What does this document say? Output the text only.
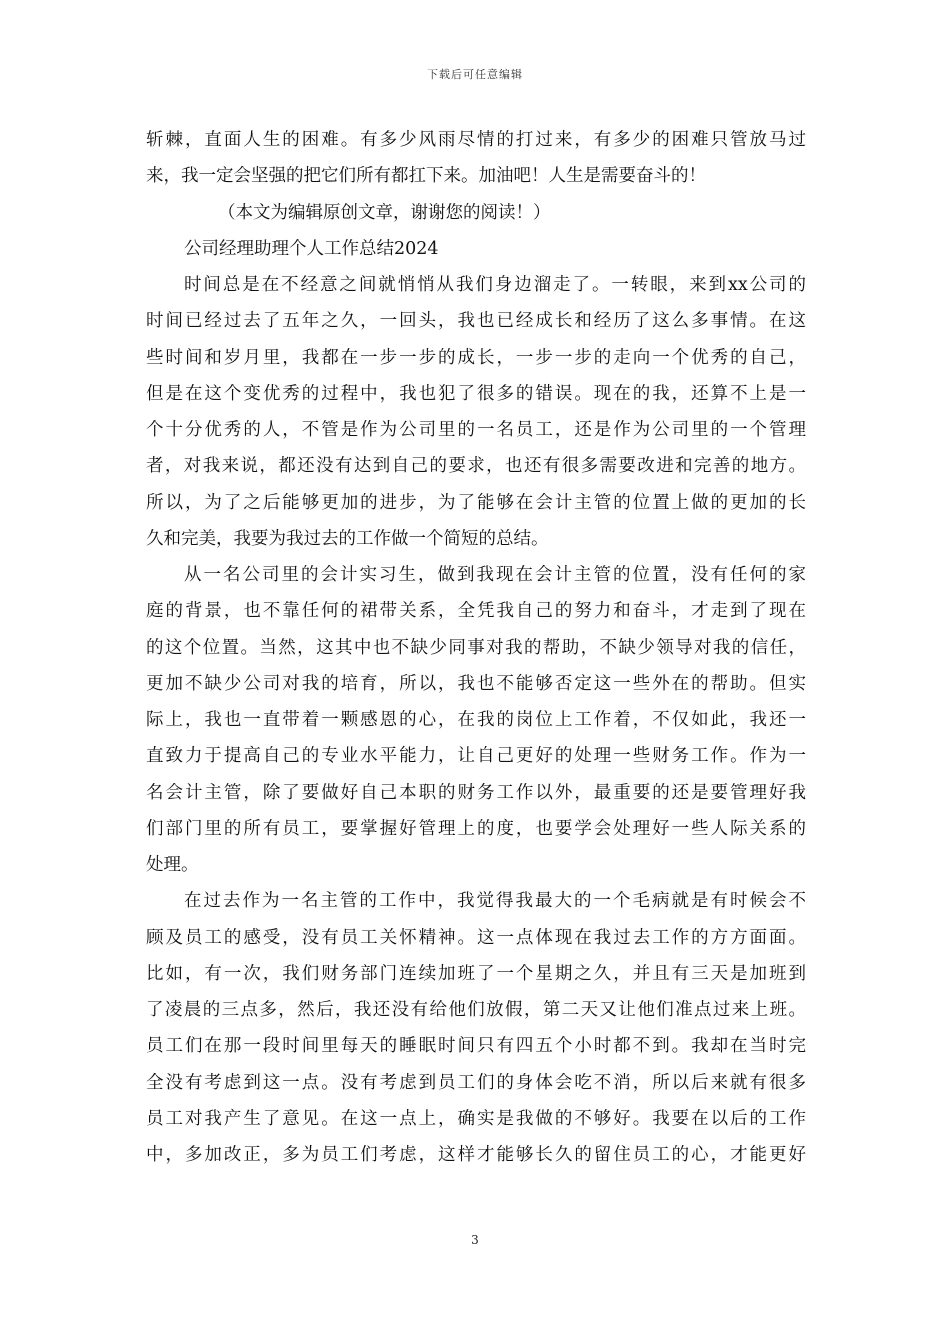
下载后可任意编辑
斩棘，直面人生的困难。有多少风雨尽情的打过来，有多少的困难只管放马过
来，我一定会坚强的把它们所有都扛下来。加油吧！人生是需要奋斗的！
（本文为编辑原创文章，谢谢您的阅读！）
公司经理助理个人工作总结2024
时间总是在不经意之间就悄悄从我们身边溜走了。一转眼，来到xx公司的
时间已经过去了五年之久，一回头，我也已经成长和经历了这么多事情。在这
些时间和岁月里，我都在一步一步的成长，一步一步的走向一个优秀的自己，
但是在这个变优秀的过程中，我也犯了很多的错误。现在的我，还算不上是一
个十分优秀的人，不管是作为公司里的一名员工，还是作为公司里的一个管理
者，对我来说，都还没有达到自己的要求，也还有很多需要改进和完善的地方。
所以，为了之后能够更加的进步，为了能够在会计主管的位置上做的更加的长
久和完美，我要为我过去的工作做一个简短的总结。
从一名公司里的会计实习生，做到我现在会计主管的位置，没有任何的家
庭的背景，也不靠任何的裙带关系，全凭我自己的努力和奋斗，才走到了现在
的这个位置。当然，这其中也不缺少同事对我的帮助，不缺少领导对我的信任，
更加不缺少公司对我的培育，所以，我也不能够否定这一些外在的帮助。但实
际上，我也一直带着一颗感恩的心，在我的岗位上工作着，不仅如此，我还一
直致力于提高自己的专业水平能力，让自己更好的处理一些财务工作。作为一
名会计主管，除了要做好自己本职的财务工作以外，最重要的还是要管理好我
们部门里的所有员工，要掌握好管理上的度，也要学会处理好一些人际关系的
处理。
在过去作为一名主管的工作中，我觉得我最大的一个毛病就是有时候会不
顾及员工的感受，没有员工关怀精神。这一点体现在我过去工作的方方面面。
比如，有一次，我们财务部门连续加班了一个星期之久，并且有三天是加班到
了凌晨的三点多，然后，我还没有给他们放假，第二天又让他们准点过来上班。
员工们在那一段时间里每天的睡眠时间只有四五个小时都不到。我却在当时完
全没有考虑到这一点。没有考虑到员工们的身体会吃不消，所以后来就有很多
员工对我产生了意见。在这一点上，确实是我做的不够好。我要在以后的工作
中，多加改正，多为员工们考虑，这样才能够长久的留住员工的心，才能更好
3
